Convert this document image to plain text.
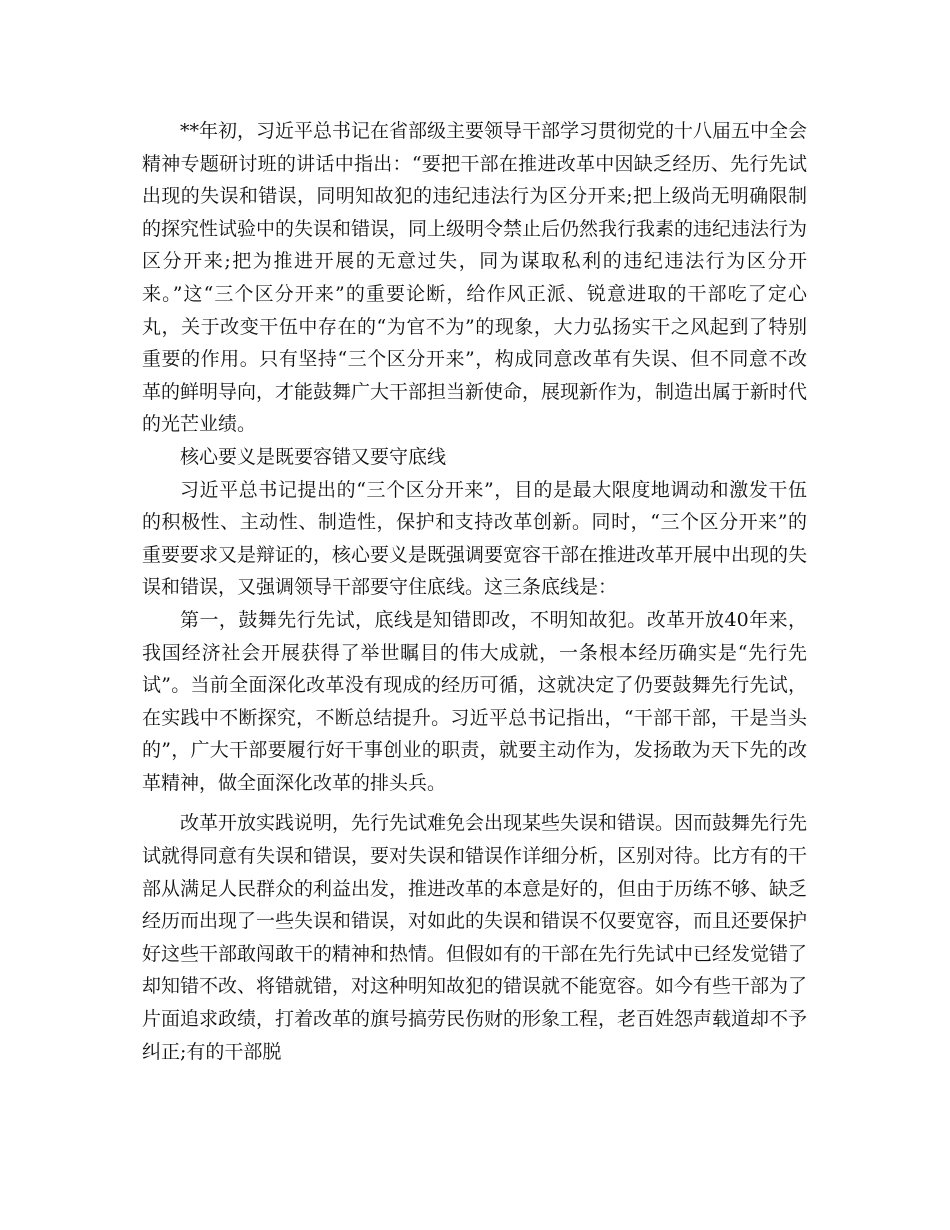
**年初，习近平总书记在省部级主要领导干部学习贯彻党的十八届五中全会精神专题研讨班的讲话中指出：“要把干部在推进改革中因缺乏经历、先行先试出现的失误和错误，同明知故犯的违纪违法行为区分开来;把上级尚无明确限制的探究性试验中的失误和错误，同上级明令禁止后仍然我行我素的违纪违法行为区分开来;把为推进开展的无意过失，同为谋取私利的违纪违法行为区分开来。”这“三个区分开来”的重要论断，给作风正派、锐意进取的干部吃了定心丸，关于改变干伍中存在的“为官不为”的现象，大力弘扬实干之风起到了特别重要的作用。只有坚持“三个区分开来”，构成同意改革有失误、但不同意不改革的鲜明导向，才能鼓舞广大干部担当新使命，展现新作为，制造出属于新时代的光芒业绩。

核心要义是既要容错又要守底线

习近平总书记提出的“三个区分开来”，目的是最大限度地调动和激发干伍的积极性、主动性、制造性，保护和支持改革创新。同时，“三个区分开来”的重要要求又是辩证的，核心要义是既强调要宽容干部在推进改革开展中出现的失误和错误，又强调领导干部要守住底线。这三条底线是：

第一，鼓舞先行先试，底线是知错即改，不明知故犯。改革开放40年来，我国经济社会开展获得了举世瞩目的伟大成就，一条根本经历确实是“先行先试”。当前全面深化改革没有现成的经历可循，这就决定了仍要鼓舞先行先试，在实践中不断探究，不断总结提升。习近平总书记指出，“干部干部，干是当头的”，广大干部要履行好干事创业的职责，就要主动作为，发扬敢为天下先的改革精神，做全面深化改革的排头兵。

改革开放实践说明，先行先试难免会出现某些失误和错误。因而鼓舞先行先试就得同意有失误和错误，要对失误和错误作详细分析，区别对待。比方有的干部从满足人民群众的利益出发，推进改革的本意是好的，但由于历练不够、缺乏经历而出现了一些失误和错误，对如此的失误和错误不仅要宽容，而且还要保护好这些干部敢闯敢干的精神和热情。但假如有的干部在先行先试中已经发觉错了却知错不改、将错就错，对这种明知故犯的错误就不能宽容。如今有些干部为了片面追求政绩，打着改革的旗号搞劳民伤财的形象工程，老百姓怨声载道却不予纠正;有的干部脱
